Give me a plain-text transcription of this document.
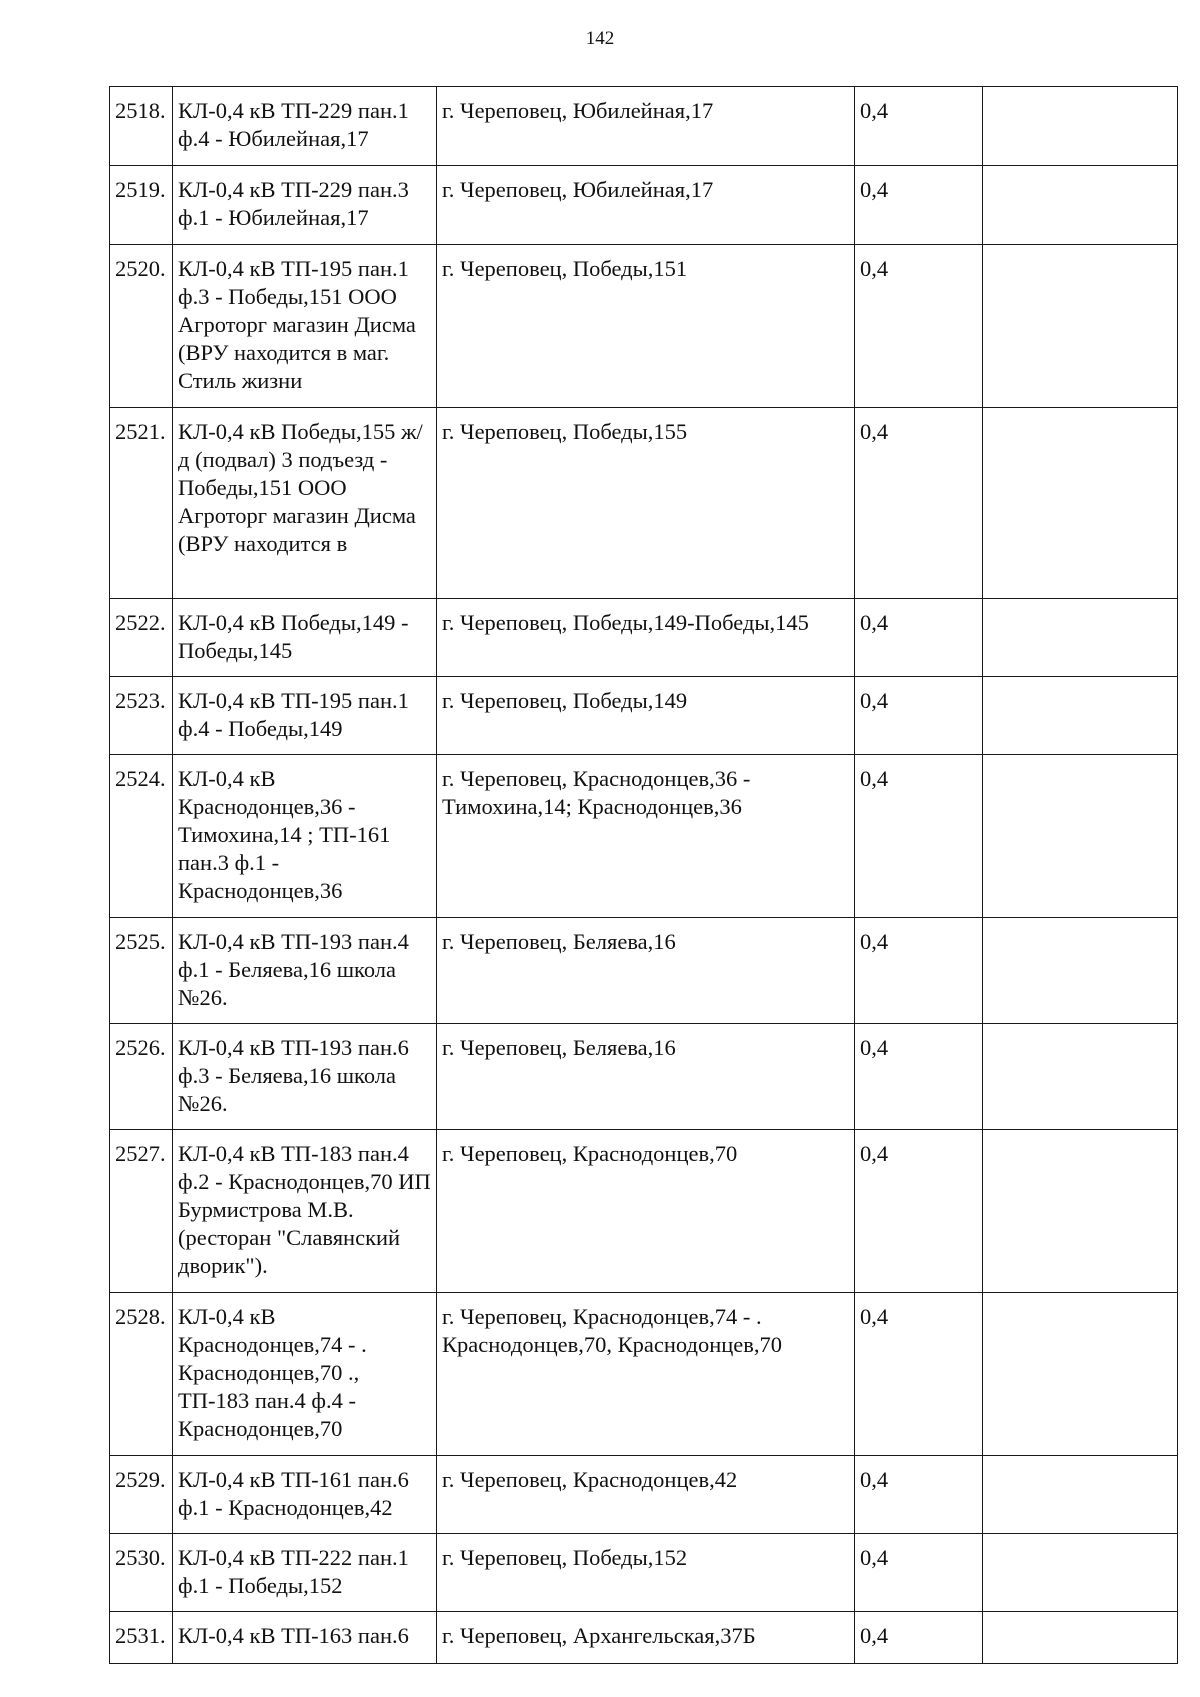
142
2518.	КЛ-0,4 кВ ТП-229 пан.1 ф.4 - Юбилейная,17	г. Череповец, Юбилейная,17	0,4	
2519.	КЛ-0,4 кВ ТП-229 пан.3 ф.1 - Юбилейная,17	г. Череповец, Юбилейная,17	0,4	
2520.	КЛ-0,4 кВ ТП-195 пан.1 ф.3 - Победы,151 ООО Агроторг магазин Дисма (ВРУ находится в маг. Стиль жизни	г. Череповец, Победы,151	0,4	
2521.	КЛ-0,4 кВ Победы,155 ж/д (подвал) 3 подъезд - Победы,151 ООО Агроторг магазин Дисма (ВРУ находится в	г. Череповец, Победы,155	0,4	
2522.	КЛ-0,4 кВ Победы,149 - Победы,145	г. Череповец, Победы,149-Победы,145	0,4	
2523.	КЛ-0,4 кВ ТП-195 пан.1 ф.4 - Победы,149	г. Череповец, Победы,149	0,4	
2524.	КЛ-0,4 кВ Краснодонцев,36 - Тимохина,14 ; ТП-161 пан.3 ф.1 - Краснодонцев,36	г. Череповец, Краснодонцев,36 - Тимохина,14; Краснодонцев,36	0,4	
2525.	КЛ-0,4 кВ ТП-193 пан.4 ф.1 - Беляева,16 школа №26.	г. Череповец, Беляева,16	0,4	
2526.	КЛ-0,4 кВ ТП-193 пан.6 ф.3 - Беляева,16 школа №26.	г. Череповец, Беляева,16	0,4	
2527.	КЛ-0,4 кВ ТП-183 пан.4 ф.2 - Краснодонцев,70 ИП Бурмистрова М.В. (ресторан "Славянский дворик").	г. Череповец, Краснодонцев,70	0,4	
2528.	КЛ-0,4 кВ Краснодонцев,74 - . Краснодонцев,70 ., ТП-183 пан.4 ф.4 - Краснодонцев,70	г. Череповец, Краснодонцев,74 - . Краснодонцев,70, Краснодонцев,70	0,4	
2529.	КЛ-0,4 кВ ТП-161 пан.6 ф.1 - Краснодонцев,42	г. Череповец, Краснодонцев,42	0,4	
2530.	КЛ-0,4 кВ ТП-222 пан.1 ф.1 - Победы,152	г. Череповец, Победы,152	0,4	
2531.	КЛ-0,4 кВ ТП-163 пан.6	г. Череповец, Архангельская,37Б	0,4	
